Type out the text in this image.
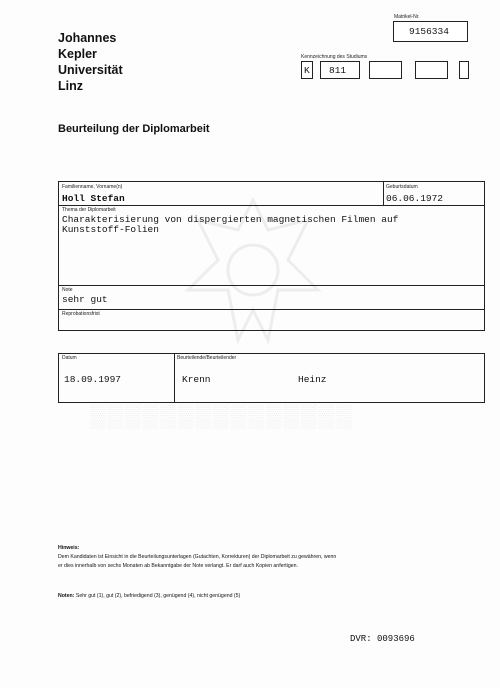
Johannes
Kepler
Universität
Linz
Matrikel-Nr.
9156334
Kennzeichnung des Studiums
K 811
Beurteilung der Diplomarbeit
Familienname, Vorname(n)
Holl Stefan
Geburtsdatum
06.06.1972
Thema der Diplomarbeit
Charakterisierung von dispergierten magnetischen Filmen auf
Kunststoff-Folien
Note
sehr gut
Reprobationsfrist
Datum
18.09.1997
Beurteilende/Beurteilender
Krenn	Heinz
▒▒▒▒▒▒▒▒▒▒▒▒▒▒▒
Hinweis:
Dem Kandidaten ist Einsicht in die Beurteilungsunterlagen (Gutachten, Korrekturen) der Diplomarbeit zu gewähren, wenn
er dies innerhalb von sechs Monaten ab Bekanntgabe der Note verlangt. Er darf auch Kopien anfertigen.
Noten: Sehr gut (1), gut (2), befriedigend (3), genügend (4), nicht genügend (5)
DVR: 0093696
